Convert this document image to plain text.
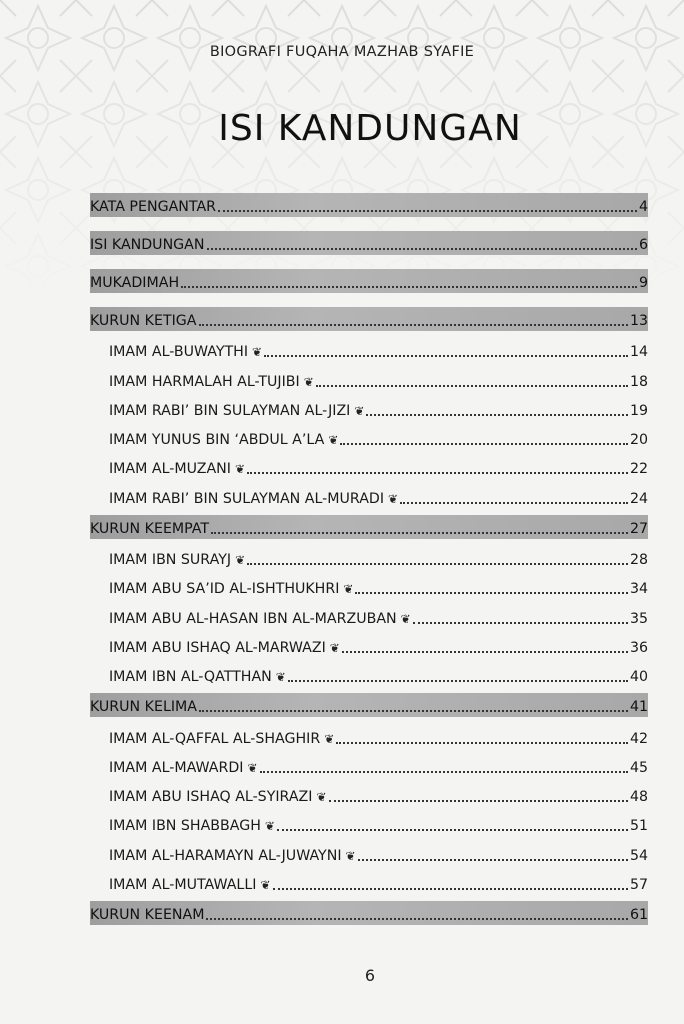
BIOGRAFI FUQAHA MAZHAB SYAFIE
ISI KANDUNGAN
KATA PENGANTAR	4
ISI KANDUNGAN	6
MUKADIMAH	9
KURUN KETIGA	13
IMAM AL-BUWAYTHI ❦	14
IMAM HARMALAH AL-TUJIBI ❦	18
IMAM RABI’ BIN SULAYMAN AL-JIZI ❦	19
IMAM YUNUS BIN ‘ABDUL A’LA ❦	20
IMAM AL-MUZANI ❦	22
IMAM RABI’ BIN SULAYMAN AL-MURADI ❦	24
KURUN KEEMPAT	27
IMAM IBN SURAYJ ❦	28
IMAM ABU SA’ID AL-ISHTHUKHRI ❦	34
IMAM ABU AL-HASAN IBN AL-MARZUBAN ❦	35
IMAM ABU ISHAQ AL-MARWAZI ❦	36
IMAM IBN AL-QATTHAN ❦	40
KURUN KELIMA	41
IMAM AL-QAFFAL AL-SHAGHIR ❦	42
IMAM AL-MAWARDI ❦	45
IMAM ABU ISHAQ AL-SYIRAZI ❦	48
IMAM IBN SHABBAGH ❦	51
IMAM AL-HARAMAYN AL-JUWAYNI ❦	54
IMAM AL-MUTAWALLI ❦	57
KURUN KEENAM	61
6
